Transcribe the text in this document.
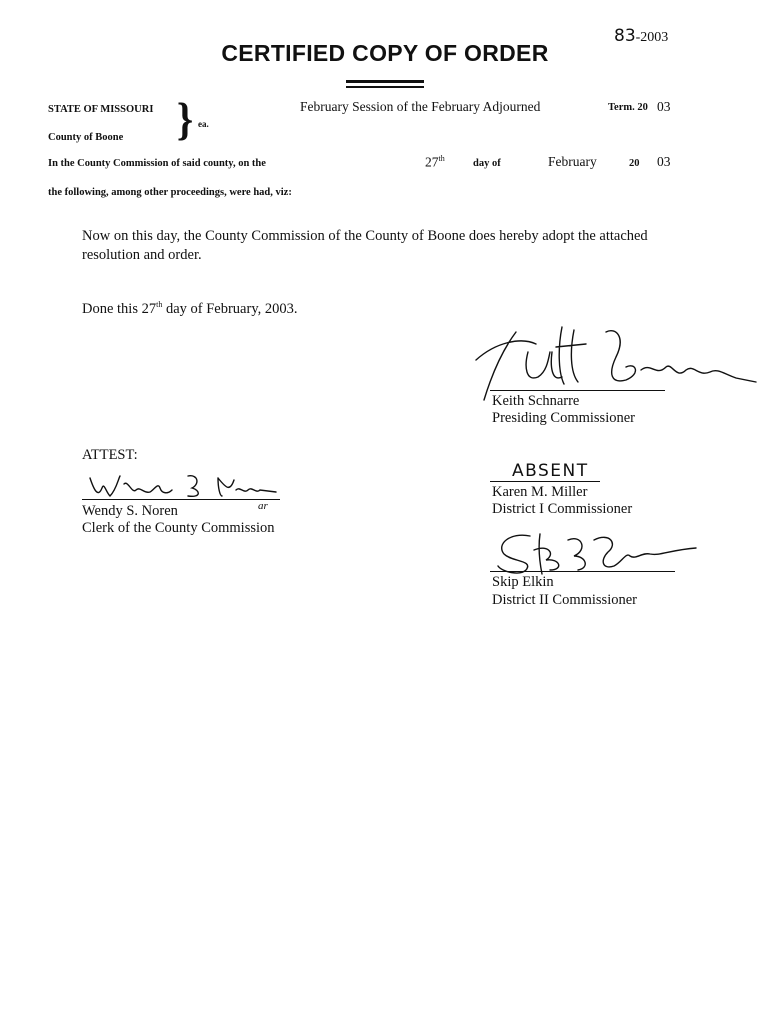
83-2003
CERTIFIED COPY OF ORDER
STATE OF MISSOURI
County of Boone } ea.
February Session of the February Adjourned	Term. 20 03
In the County Commission of said county, on the	27th	day of	February	20 03
the following, among other proceedings, were had, viz:
Now on this day, the County Commission of the County of Boone does hereby adopt the attached
resolution and order.
Done this 27th day of February, 2003.
Keith Schnarre
Presiding Commissioner
ATTEST:
ar
Wendy S. Noren
Clerk of the County Commission
ABSENT
Karen M. Miller
District I Commissioner
Skip Elkin
District II Commissioner
